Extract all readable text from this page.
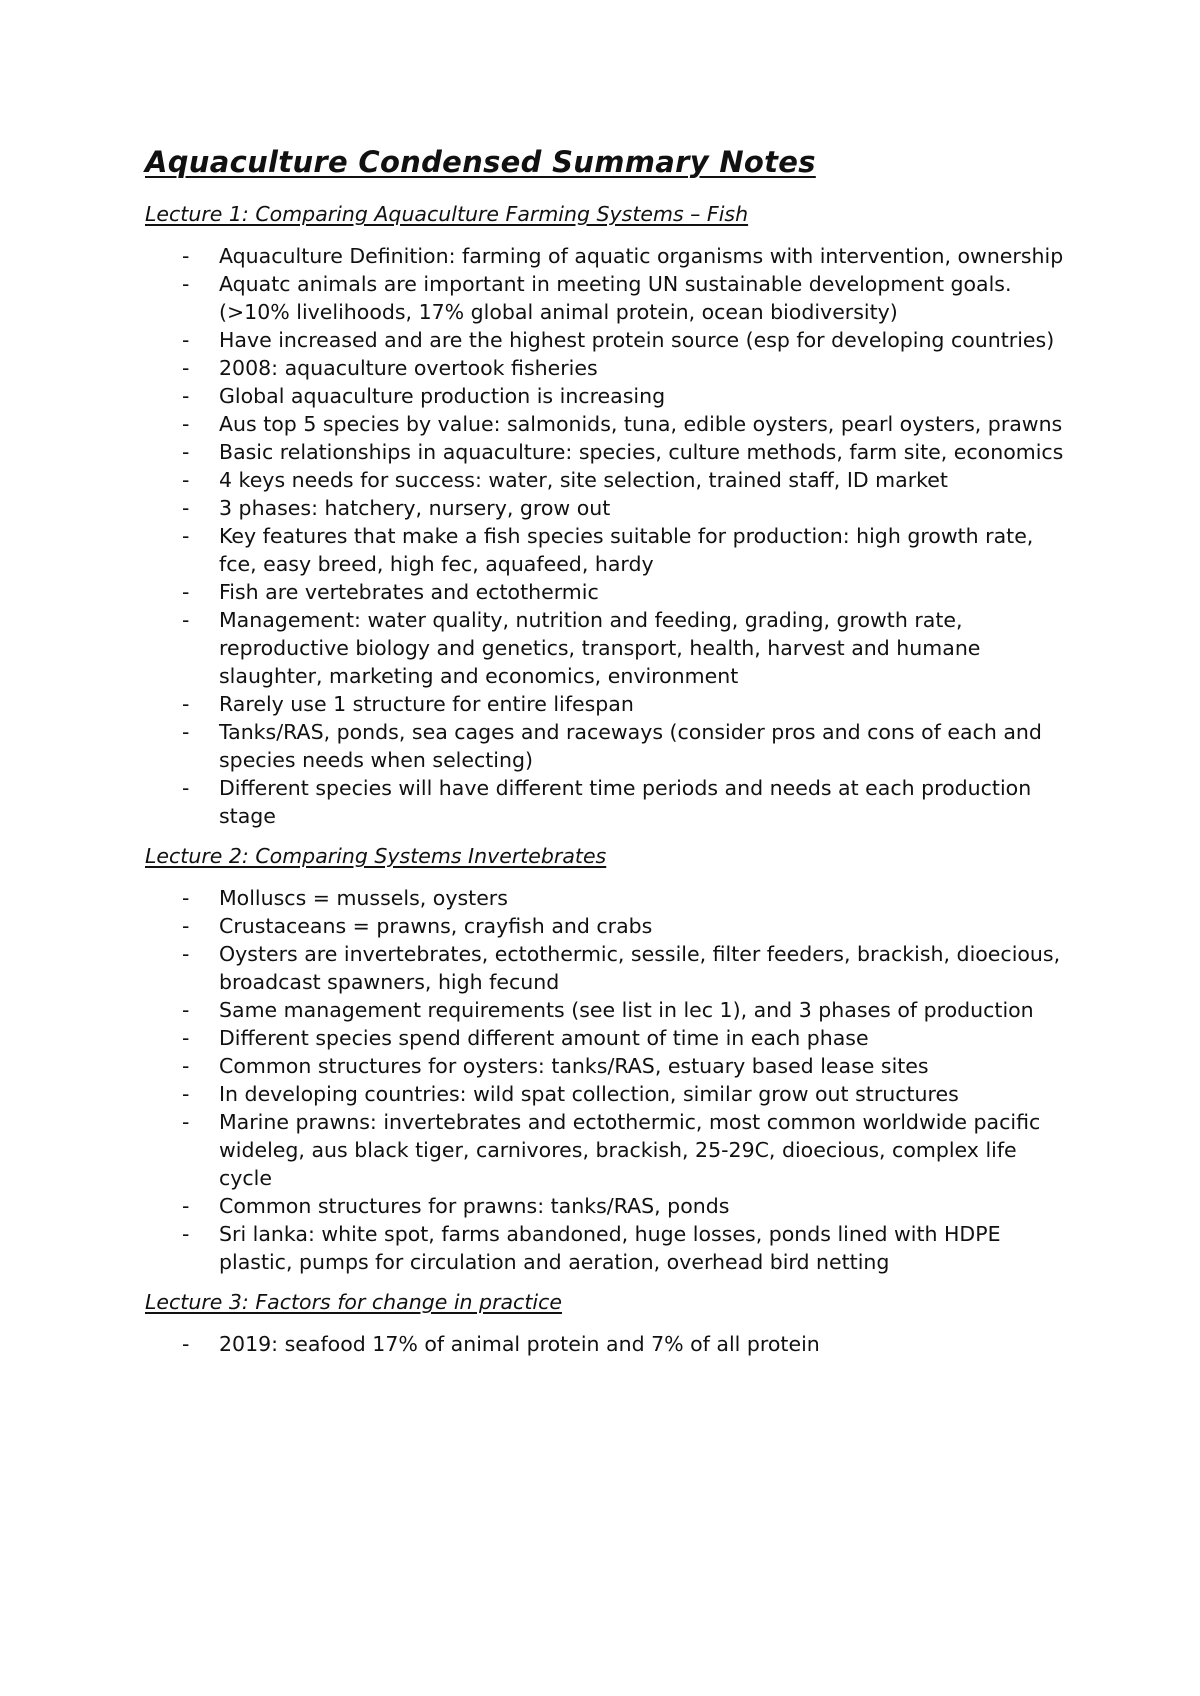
Aquaculture Condensed Summary Notes
Lecture 1: Comparing Aquaculture Farming Systems – Fish
- Aquaculture Definition: farming of aquatic organisms with intervention, ownership
- Aquatc animals are important in meeting UN sustainable development goals. (>10% livelihoods, 17% global animal protein, ocean biodiversity)
- Have increased and are the highest protein source (esp for developing countries)
- 2008: aquaculture overtook fisheries
- Global aquaculture production is increasing
- Aus top 5 species by value: salmonids, tuna, edible oysters, pearl oysters, prawns
- Basic relationships in aquaculture: species, culture methods, farm site, economics
- 4 keys needs for success: water, site selection, trained staff, ID market
- 3 phases: hatchery, nursery, grow out
- Key features that make a fish species suitable for production: high growth rate, fce, easy breed, high fec, aquafeed, hardy
- Fish are vertebrates and ectothermic
- Management: water quality, nutrition and feeding, grading, growth rate, reproductive biology and genetics, transport, health, harvest and humane slaughter, marketing and economics, environment
- Rarely use 1 structure for entire lifespan
- Tanks/RAS, ponds, sea cages and raceways (consider pros and cons of each and species needs when selecting)
- Different species will have different time periods and needs at each production stage
Lecture 2: Comparing Systems Invertebrates
- Molluscs = mussels, oysters
- Crustaceans = prawns, crayfish and crabs
- Oysters are invertebrates, ectothermic, sessile, filter feeders, brackish, dioecious, broadcast spawners, high fecund
- Same management requirements (see list in lec 1), and 3 phases of production
- Different species spend different amount of time in each phase
- Common structures for oysters: tanks/RAS, estuary based lease sites
- In developing countries: wild spat collection, similar grow out structures
- Marine prawns: invertebrates and ectothermic, most common worldwide pacific wideleg, aus black tiger, carnivores, brackish, 25-29C, dioecious, complex life cycle
- Common structures for prawns: tanks/RAS, ponds
- Sri lanka: white spot, farms abandoned, huge losses, ponds lined with HDPE plastic, pumps for circulation and aeration, overhead bird netting
Lecture 3: Factors for change in practice
- 2019: seafood 17% of animal protein and 7% of all protein
